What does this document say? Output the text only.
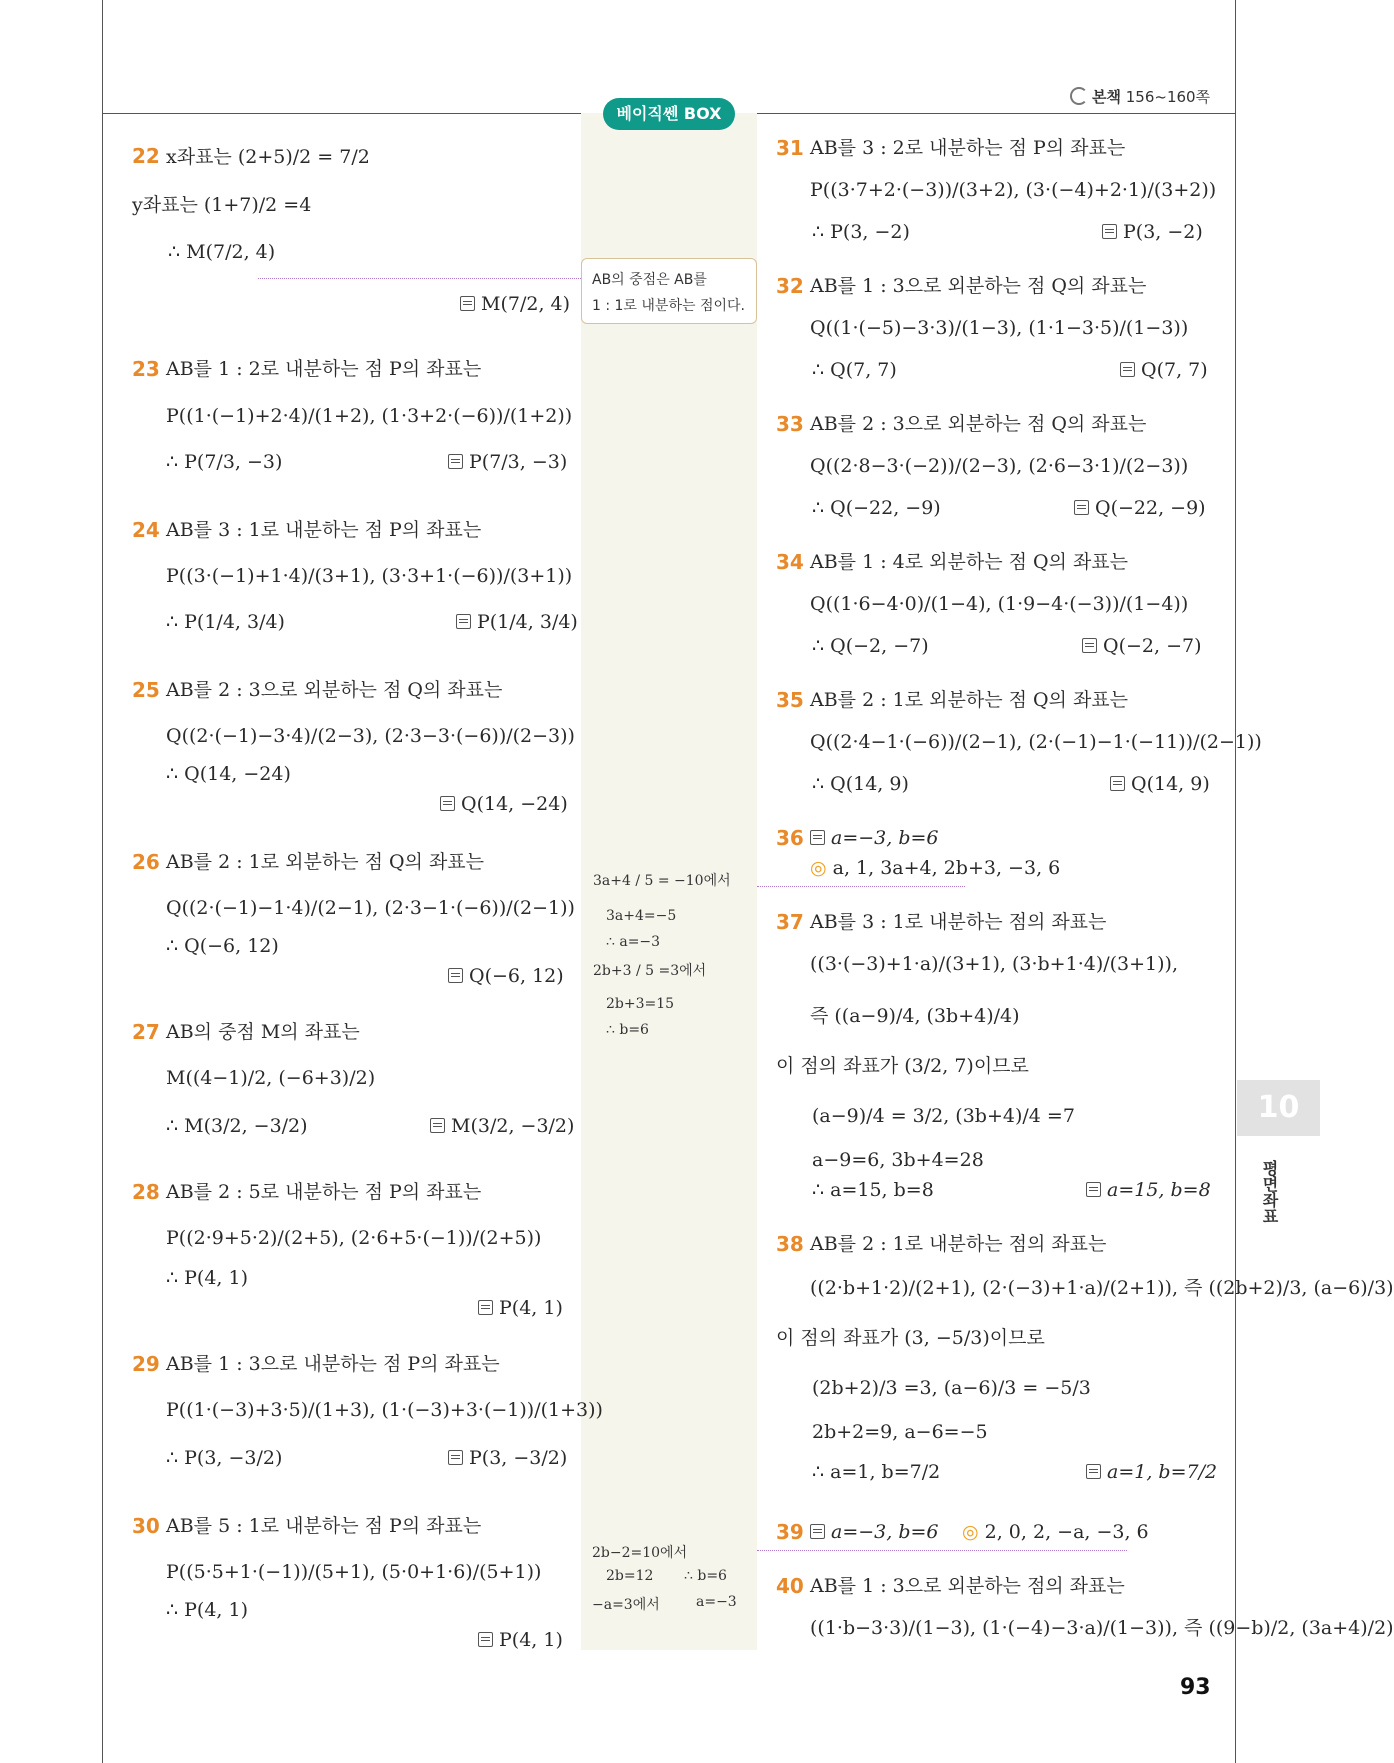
본책 156~160쪽
베이직쎈 BOX
AB의 중점은 AB를
1 : 1로 내분하는 점이다.
3a+4 / 5 = −10에서
3a+4=−5
∴ a=−3
2b+3 / 5 =3에서
2b+3=15
∴ b=6
2b−2=10에서
2b=12 ∴ b=6
−a=3에서	a=−3
22 x좌표는 (2+5)/2 = 7/2
y좌표는 (1+7)/2 =4
∴ M(7/2, 4)
M(7/2, 4)
23 AB를 1 : 2로 내분하는 점 P의 좌표는
P((1·(−1)+2·4)/(1+2), (1·3+2·(−6))/(1+2))
∴ P(7/3, −3)	P(7/3, −3)
24 AB를 3 : 1로 내분하는 점 P의 좌표는
P((3·(−1)+1·4)/(3+1), (3·3+1·(−6))/(3+1))
∴ P(1/4, 3/4)	P(1/4, 3/4)
25 AB를 2 : 3으로 외분하는 점 Q의 좌표는
Q((2·(−1)−3·4)/(2−3), (2·3−3·(−6))/(2−3))
∴ Q(14, −24)
Q(14, −24)
26 AB를 2 : 1로 외분하는 점 Q의 좌표는
Q((2·(−1)−1·4)/(2−1), (2·3−1·(−6))/(2−1))
∴ Q(−6, 12)
Q(−6, 12)
27 AB의 중점 M의 좌표는
M((4−1)/2, (−6+3)/2)
∴ M(3/2, −3/2)	M(3/2, −3/2)
28 AB를 2 : 5로 내분하는 점 P의 좌표는
P((2·9+5·2)/(2+5), (2·6+5·(−1))/(2+5))
∴ P(4, 1)
P(4, 1)
29 AB를 1 : 3으로 내분하는 점 P의 좌표는
P((1·(−3)+3·5)/(1+3), (1·(−3)+3·(−1))/(1+3))
∴ P(3, −3/2)	P(3, −3/2)
30 AB를 5 : 1로 내분하는 점 P의 좌표는
P((5·5+1·(−1))/(5+1), (5·0+1·6)/(5+1))
∴ P(4, 1)
P(4, 1)
31 AB를 3 : 2로 내분하는 점 P의 좌표는
P((3·7+2·(−3))/(3+2), (3·(−4)+2·1)/(3+2))
∴ P(3, −2)	P(3, −2)
32 AB를 1 : 3으로 외분하는 점 Q의 좌표는
Q((1·(−5)−3·3)/(1−3), (1·1−3·5)/(1−3))
∴ Q(7, 7)	Q(7, 7)
33 AB를 2 : 3으로 외분하는 점 Q의 좌표는
Q((2·8−3·(−2))/(2−3), (2·6−3·1)/(2−3))
∴ Q(−22, −9)	Q(−22, −9)
34 AB를 1 : 4로 외분하는 점 Q의 좌표는
Q((1·6−4·0)/(1−4), (1·9−4·(−3))/(1−4))
∴ Q(−2, −7)	Q(−2, −7)
35 AB를 2 : 1로 외분하는 점 Q의 좌표는
Q((2·4−1·(−6))/(2−1), (2·(−1)−1·(−11))/(2−1))
∴ Q(14, 9)	Q(14, 9)
36	a=−3, b=6
◎ a, 1, 3a+4, 2b+3, −3, 6
37 AB를 3 : 1로 내분하는 점의 좌표는
((3·(−3)+1·a)/(3+1), (3·b+1·4)/(3+1)),
즉 ((a−9)/4, (3b+4)/4)
이 점의 좌표가 (3/2, 7)이므로
(a−9)/4 = 3/2, (3b+4)/4 =7
a−9=6, 3b+4=28
∴ a=15, b=8	a=15, b=8
38 AB를 2 : 1로 내분하는 점의 좌표는
((2·b+1·2)/(2+1), (2·(−3)+1·a)/(2+1)), 즉 ((2b+2)/3, (a−6)/3)
이 점의 좌표가 (3, −5/3)이므로
(2b+2)/3 =3, (a−6)/3 = −5/3
2b+2=9, a−6=−5
∴ a=1, b=7/2	a=1, b=7/2
39	a=−3, b=6 ◎ 2, 0, 2, −a, −3, 6
40 AB를 1 : 3으로 외분하는 점의 좌표는
((1·b−3·3)/(1−3), (1·(−4)−3·a)/(1−3)), 즉 ((9−b)/2, (3a+4)/2)
10
평면좌표
93
